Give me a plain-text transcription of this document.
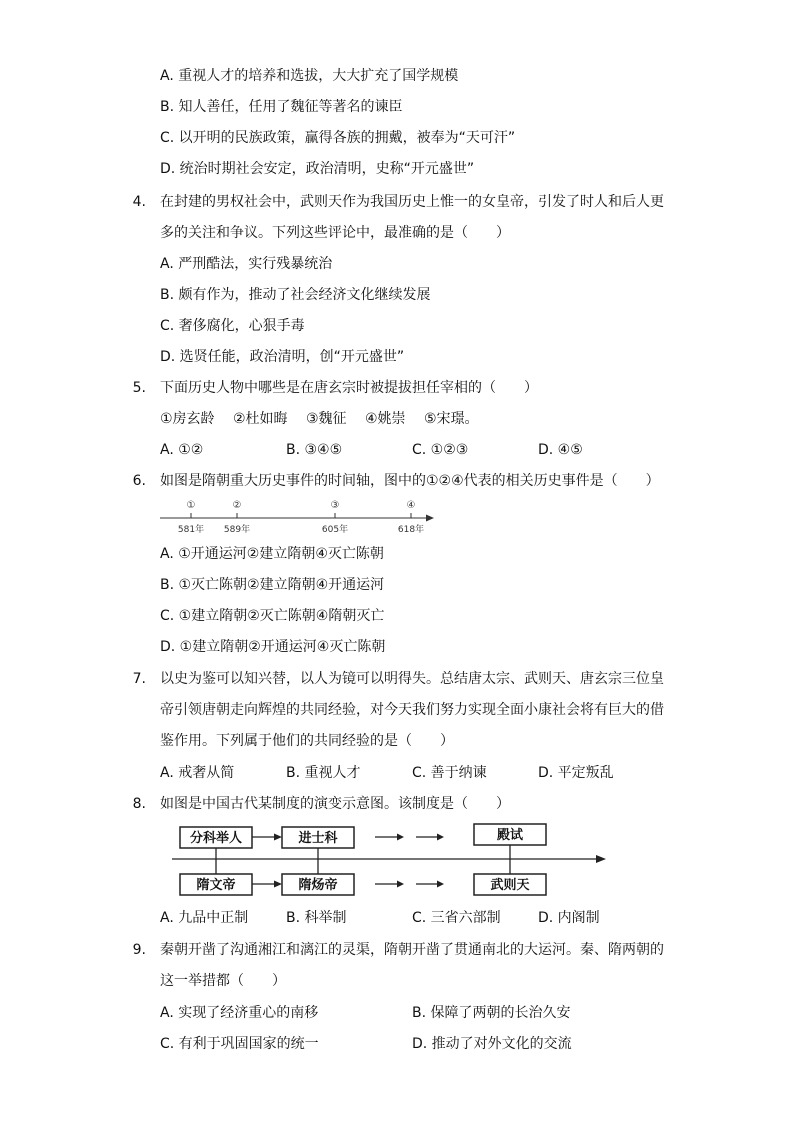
A. 重视人才的培养和选拔，大大扩充了国学规模
B. 知人善任，任用了魏征等著名的谏臣
C. 以开明的民族政策，赢得各族的拥戴，被奉为“天可汗”
D. 统治时期社会安定，政治清明，史称“开元盛世”
4. 在封建的男权社会中，武则天作为我国历史上惟一的女皇帝，引发了时人和后人更
多的关注和争议。下列这些评论中，最准确的是（　　）
A. 严刑酷法，实行残暴统治
B. 颇有作为，推动了社会经济文化继续发展
C. 奢侈腐化，心狠手毒
D. 选贤任能，政治清明，创“开元盛世”
5. 下面历史人物中哪些是在唐玄宗时被提拔担任宰相的（　　）
①房玄龄　 ②杜如晦　 ③魏征　 ④姚崇　 ⑤宋璟。
A. ①②	B. ③④⑤	C. ①②③	D. ④⑤
6. 如图是隋朝重大历史事件的时间轴，图中的①②④代表的相关历史事件是（　　）
①	②	③	④
581年 589年	605年	618年
A. ①开通运河②建立隋朝④灭亡陈朝
B. ①灭亡陈朝②建立隋朝④开通运河
C. ①建立隋朝②灭亡陈朝④隋朝灭亡
D. ①建立隋朝②开通运河④灭亡陈朝
7. 以史为鉴可以知兴替，以人为镜可以明得失。总结唐太宗、武则天、唐玄宗三位皇
帝引领唐朝走向辉煌的共同经验，对今天我们努力实现全面小康社会将有巨大的借
鉴作用。下列属于他们的共同经验的是（　　）
A. 戒奢从简	B. 重视人才	C. 善于纳谏	D. 平定叛乱
8. 如图是中国古代某制度的演变示意图。该制度是（　　）
分科举人	进士科	殿试
隋文帝	隋炀帝	武则天
A. 九品中正制	B. 科举制	C. 三省六部制	D. 内阁制
9. 秦朝开凿了沟通湘江和漓江的灵渠，隋朝开凿了贯通南北的大运河。秦、隋两朝的
这一举措都（　　）
A. 实现了经济重心的南移	B. 保障了两朝的长治久安
C. 有利于巩固国家的统一	D. 推动了对外文化的交流
